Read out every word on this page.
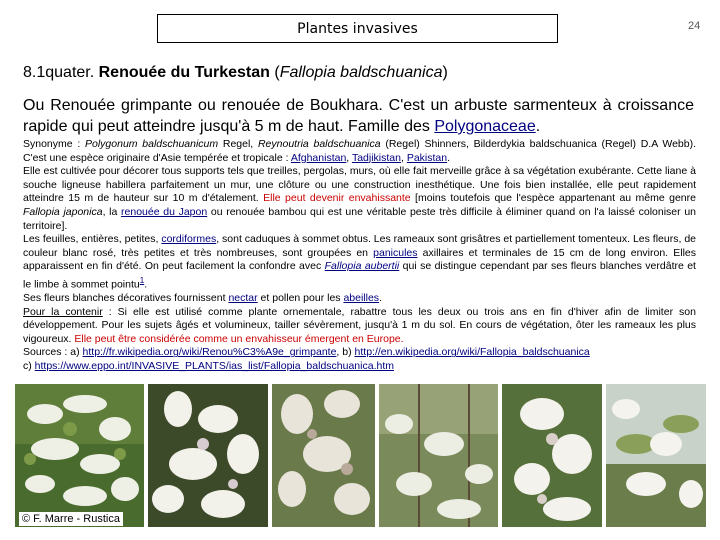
Plantes invasives	24
8.1quater. Renouée du Turkestan (Fallopia baldschuanica)
Ou Renouée grimpante ou renouée de Boukhara. C'est un arbuste sarmenteux à croissance rapide qui peut atteindre jusqu'à 5 m de haut. Famille des Polygonaceae.

Synonyme : Polygonum baldschuanicum Regel, Reynoutria baldschuanica (Regel) Shinners, Bilderdykia baldschuanica (Regel) D.A Webb). C'est une espèce originaire d'Asie tempérée et tropicale : Afghanistan, Tadjikistan, Pakistan.

Elle est cultivée pour décorer tous supports tels que treilles, pergolas, murs, où elle fait merveille grâce à sa végétation exubérante. Cette liane à souche ligneuse habillera parfaitement un mur, une clôture ou une construction inesthétique. Une fois bien installée, elle peut rapidement atteindre 15 m de hauteur sur 10 m d'étalement. Elle peut devenir envahissante [moins toutefois que l'espèce appartenant au même genre Fallopia japonica, la renouée du Japon ou renouée bambou qui est une véritable peste très difficile à éliminer quand on l'a laissé coloniser un territoire].

Les feuilles, entières, petites, cordiformes, sont caduques à sommet obtus. Les rameaux sont grisâtres et partiellement tomenteux. Les fleurs, de couleur blanc rosé, très petites et très nombreuses, sont groupées en panicules axillaires et terminales de 15 cm de long environ. Elles apparaissent en fin d'été. On peut facilement la confondre avec Fallopia aubertii qui se distingue cependant par ses fleurs blanches verdâtre et le limbe à sommet pointu$^1$.

Ses fleurs blanches décoratives fournissent nectar et pollen pour les abeilles.

Pour la contenir : Si elle est utilisé comme plante ornementale, rabattre tous les deux ou trois ans en fin d'hiver afin de limiter son développement. Pour les sujets âgés et volumineux, tailler sévèrement, jusqu'à 1 m du sol. En cours de végétation, ôter les rameaux les plus vigoureux. Elle peut être considérée comme un envahisseur émergent en Europe.

Sources : a) http://fr.wikipedia.org/wiki/Renou%C3%A9e_grimpante, b) http://en.wikipedia.org/wiki/Fallopia_baldschuanica
c) https://www.eppo.int/INVASIVE_PLANTS/ias_list/Fallopia_baldschuanica.htm

© F. Marre - Rustica
